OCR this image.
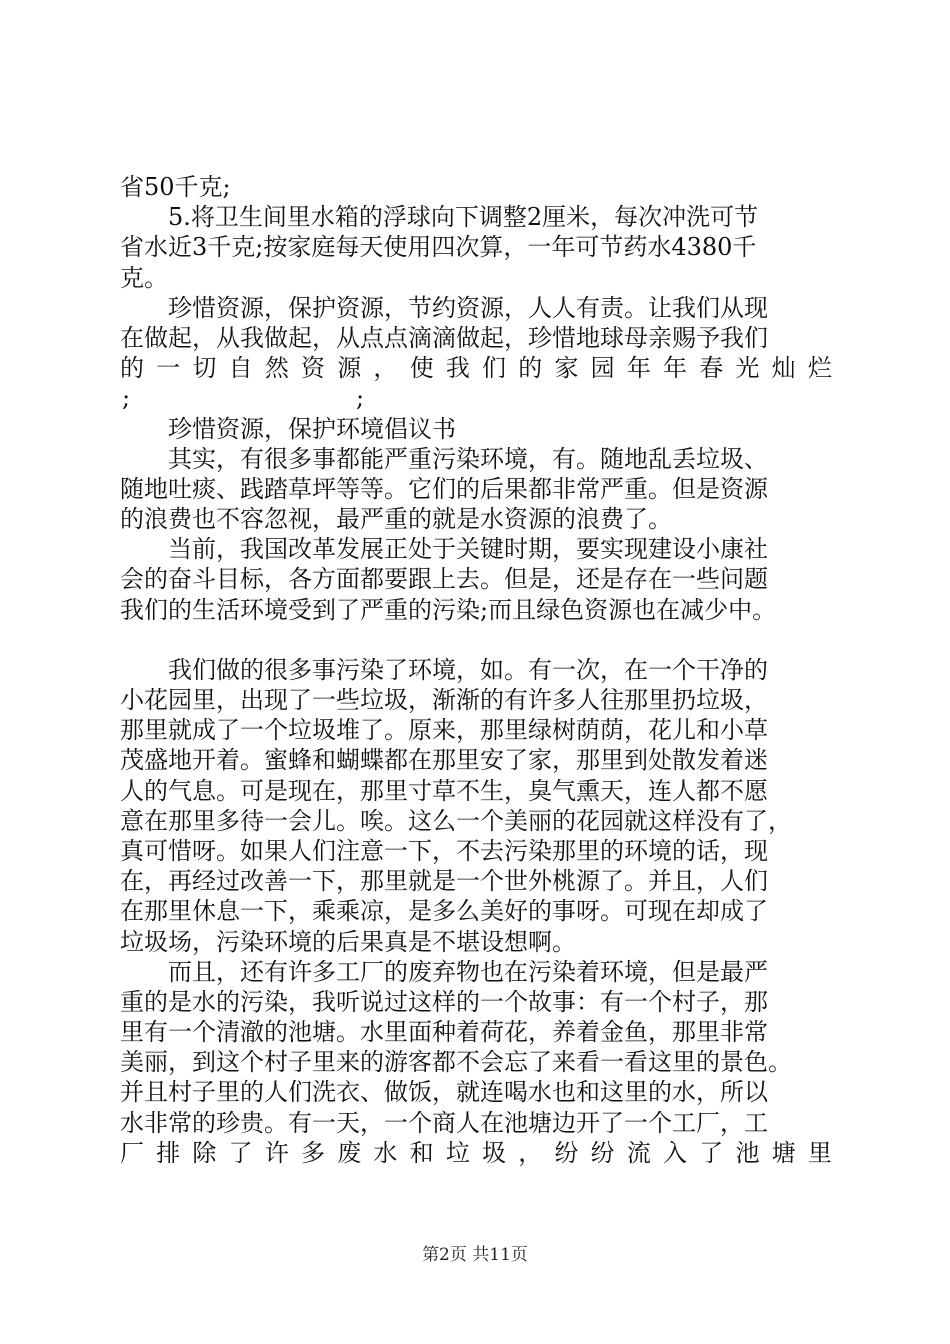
省50千克;
5.将卫生间里水箱的浮球向下调整2厘米，每次冲洗可节
省水近3千克;按家庭每天使用四次算，一年可节药水4380千
克。
珍惜资源，保护资源，节约资源，人人有责。让我们从现
在做起，从我做起，从点点滴滴做起，珍惜地球母亲赐予我们
的 一 切 自 然 资 源 ， 使 我 们 的 家 园 年 年 春 光 灿 烂
;	;
珍惜资源，保护环境倡议书
其实，有很多事都能严重污染环境，有。随地乱丢垃圾、
随地吐痰、践踏草坪等等。它们的后果都非常严重。但是资源
的浪费也不容忽视，最严重的就是水资源的浪费了。
当前，我国改革发展正处于关键时期，要实现建设小康社
会的奋斗目标，各方面都要跟上去。但是，还是存在一些问题
我们的生活环境受到了严重的污染;而且绿色资源也在减少中。
我们做的很多事污染了环境，如。有一次，在一个干净的
小花园里，出现了一些垃圾，渐渐的有许多人往那里扔垃圾，
那里就成了一个垃圾堆了。原来，那里绿树荫荫，花儿和小草
茂盛地开着。蜜蜂和蝴蝶都在那里安了家，那里到处散发着迷
人的气息。可是现在，那里寸草不生，臭气熏天，连人都不愿
意在那里多待一会儿。唉。这么一个美丽的花园就这样没有了，
真可惜呀。如果人们注意一下，不去污染那里的环境的话，现
在，再经过改善一下，那里就是一个世外桃源了。并且，人们
在那里休息一下，乘乘凉，是多么美好的事呀。可现在却成了
垃圾场，污染环境的后果真是不堪设想啊。
而且，还有许多工厂的废弃物也在污染着环境，但是最严
重的是水的污染，我听说过这样的一个故事：有一个村子，那
里有一个清澈的池塘。水里面种着荷花，养着金鱼，那里非常
美丽，到这个村子里来的游客都不会忘了来看一看这里的景色。
并且村子里的人们洗衣、做饭，就连喝水也和这里的水，所以
水非常的珍贵。有一天，一个商人在池塘边开了一个工厂，工
厂 排 除 了 许 多 废 水 和 垃 圾 ， 纷 纷 流 入 了 池 塘 里
第2页 共11页
